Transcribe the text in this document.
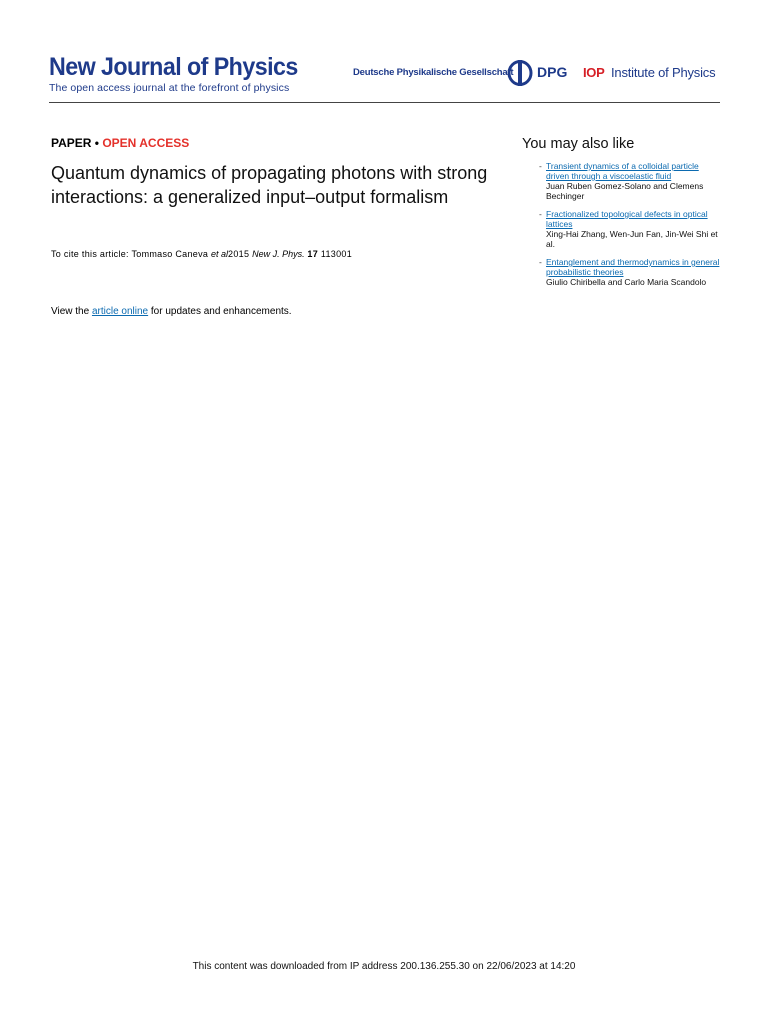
New Journal of Physics
The open access journal at the forefront of physics
Deutsche Physikalische Gesellschaft DPG IOP Institute of Physics
PAPER • OPEN ACCESS
Quantum dynamics of propagating photons with strong interactions: a generalized input–output formalism
To cite this article: Tommaso Caneva et al2015 New J. Phys. 17 113001
View the article online for updates and enhancements.
You may also like
- Transient dynamics of a colloidal particle driven through a viscoelastic fluid
Juan Ruben Gomez-Solano and Clemens Bechinger
- Fractionalized topological defects in optical lattices
Xing-Hai Zhang, Wen-Jun Fan, Jin-Wei Shi et al.
- Entanglement and thermodynamics in general probabilistic theories
Giulio Chiribella and Carlo Maria Scandolo
This content was downloaded from IP address 200.136.255.30 on 22/06/2023 at 14:20
